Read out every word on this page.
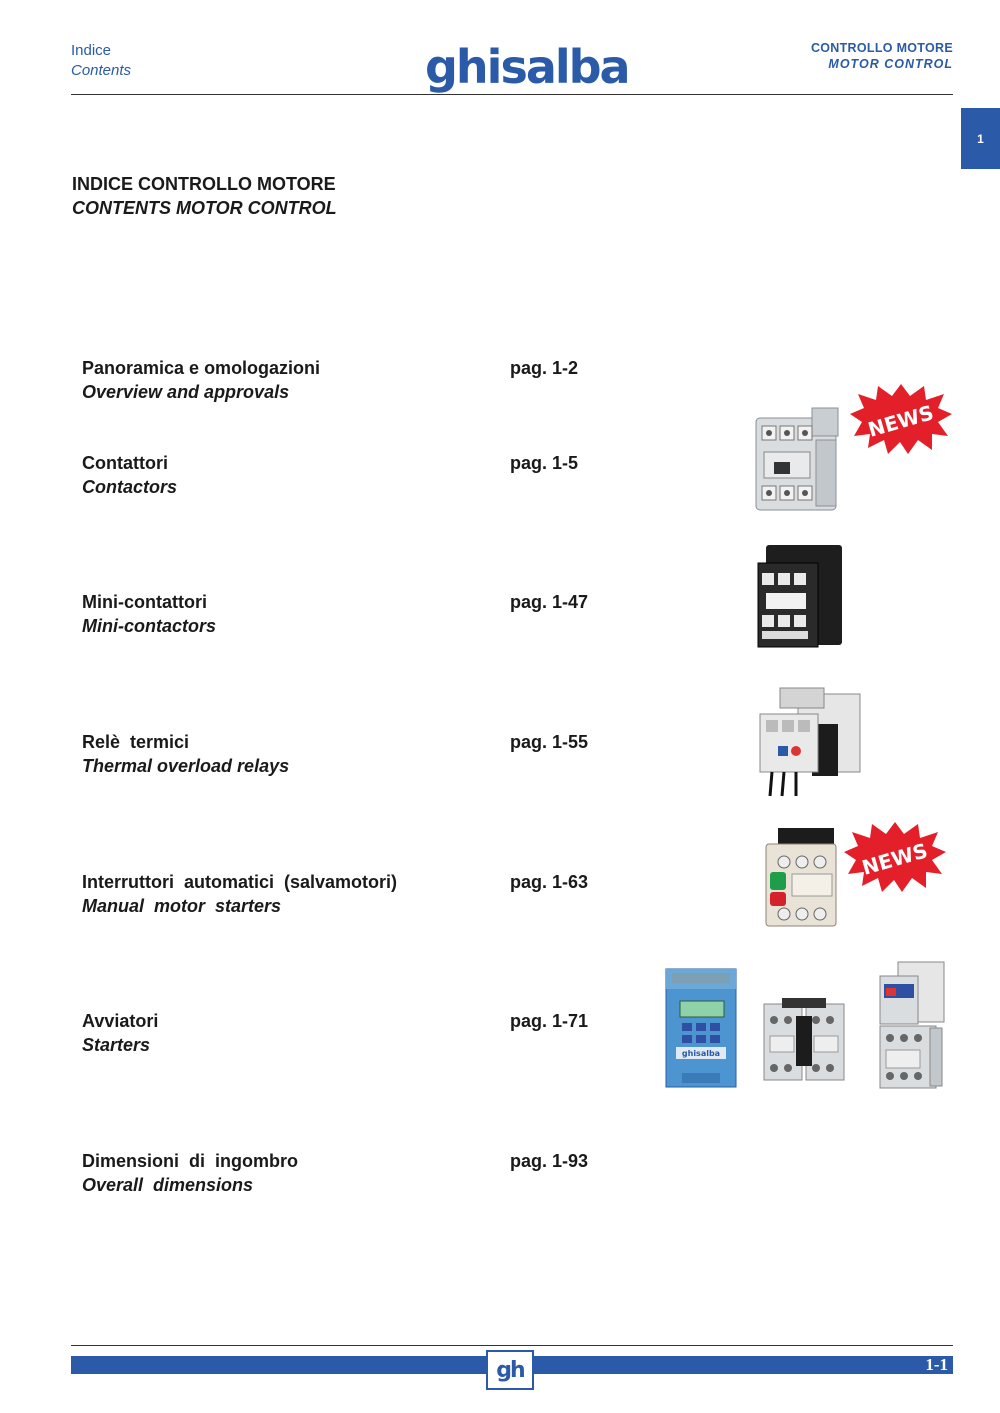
Indice
Contents	ghisalba	CONTROLLO MOTORE
MOTOR CONTROL
1
INDICE CONTROLLO MOTORE
CONTENTS MOTOR CONTROL
Panoramica e omologazioni
Overview and approvals
pag. 1-2
Contattori
Contactors
pag. 1-5
Mini-contattori
Mini-contactors
pag. 1-47
Relè  termici
Thermal overload relays
pag. 1-55
Interruttori  automatici  (salvamotori)
Manual  motor  starters
pag. 1-63
Avviatori
Starters
pag. 1-71
Dimensioni  di  ingombro
Overall  dimensions
pag. 1-93
NEWS
NEWS
ghisalba
gh	1-1
